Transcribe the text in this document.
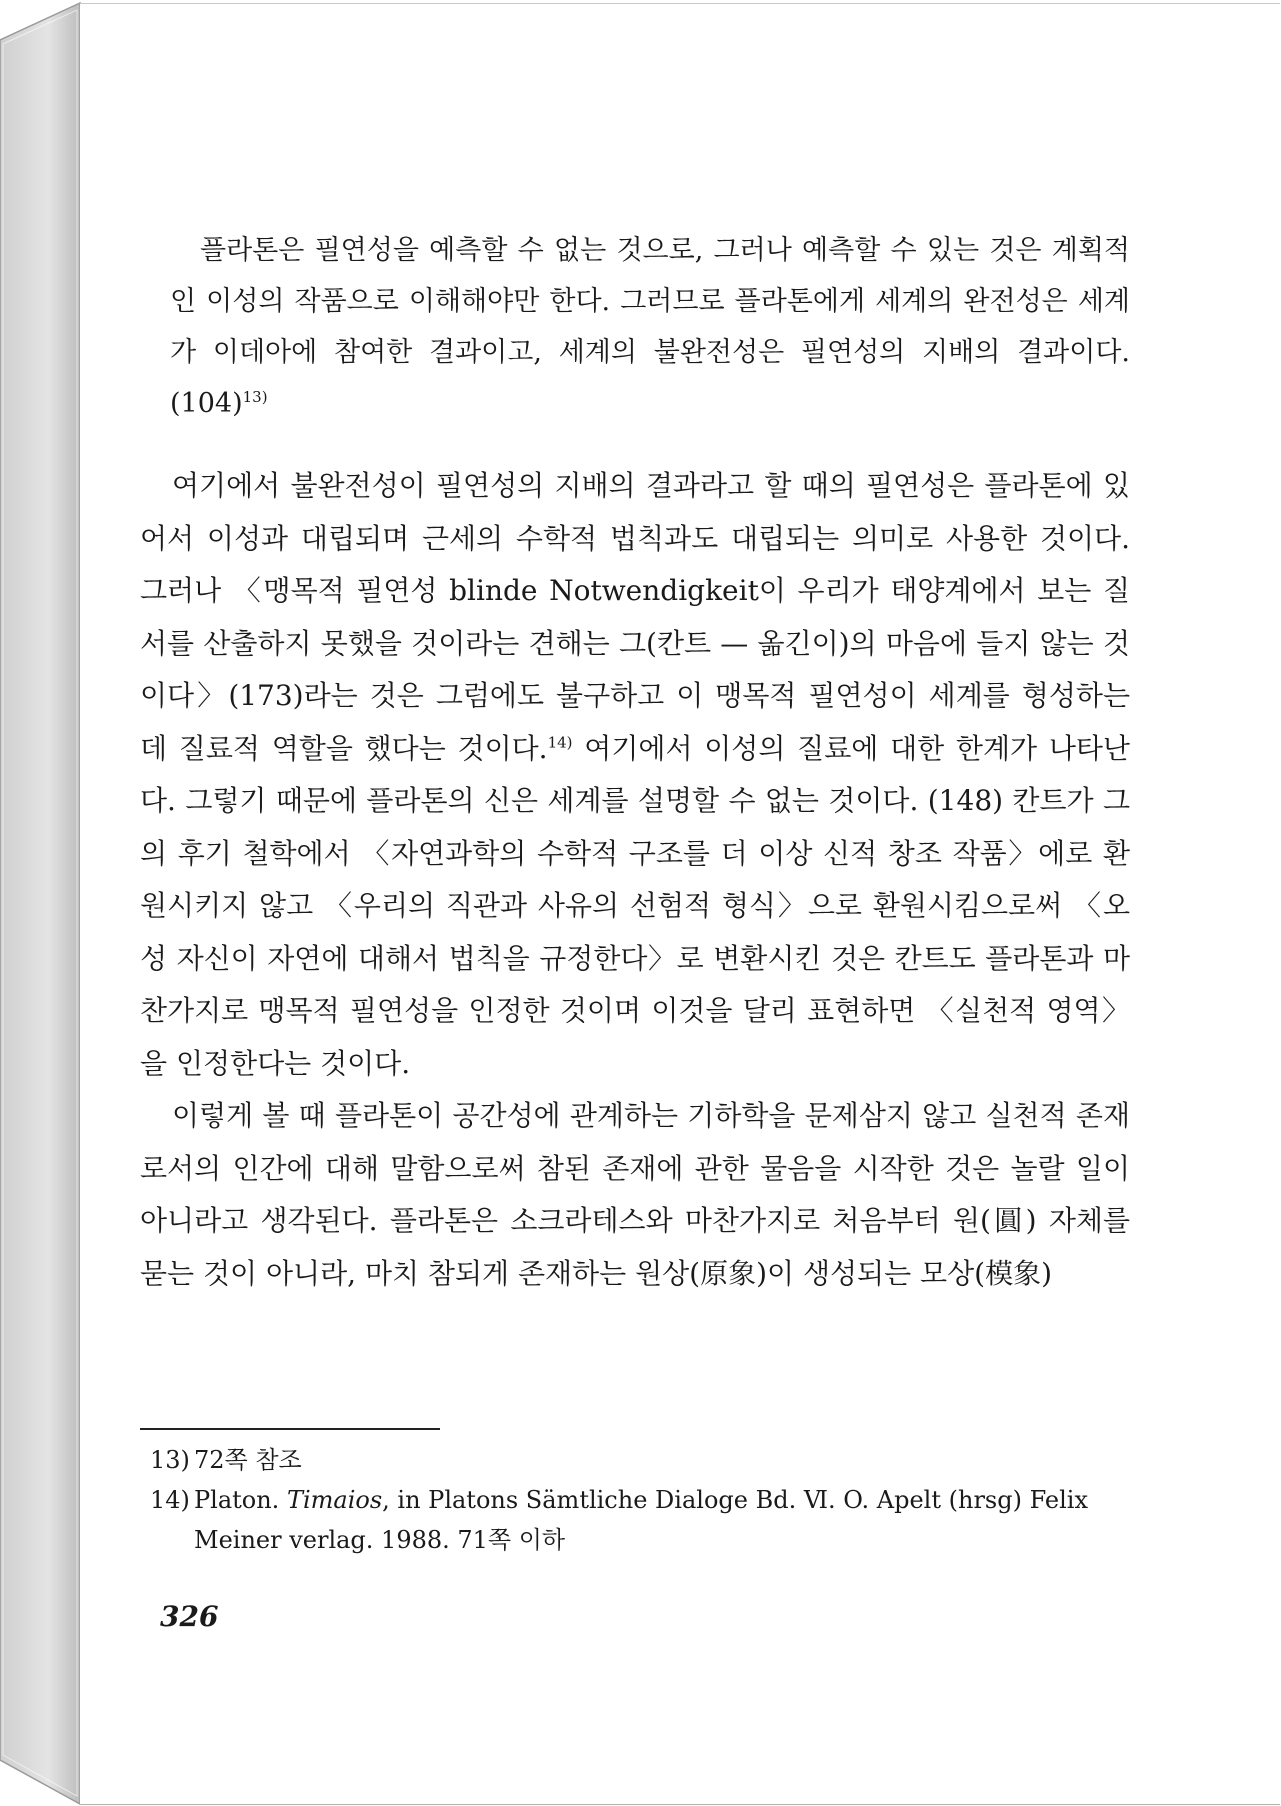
플라톤은 필연성을 예측할 수 없는 것으로, 그러나 예측할 수 있는 것은 계획적인 이성의 작품으로 이해해야만 한다. 그러므로 플라톤에게 세계의 완전성은 세계가 이데아에 참여한 결과이고, 세계의 불완전성은 필연성의 지배의 결과이다. $(104)^{13)}$

여기에서 불완전성이 필연성의 지배의 결과라고 할 때의 필연성은 플라톤에 있어서 이성과 대립되며 근세의 수학적 법칙과도 대립되는 의미로 사용한 것이다. 그러나 〈맹목적 필연성 blinde Notwendigkeit이 우리가 태양계에서 보는 질서를 산출하지 못했을 것이라는 견해는 그(칸트 — 옮긴이)의 마음에 들지 않는 것이다〉(173)라는 것은 그럼에도 불구하고 이 맹목적 필연성이 세계를 형성하는 데 질료적 역할을 했다는 것이다.$^{14)}$ 여기에서 이성의 질료에 대한 한계가 나타난다. 그렇기 때문에 플라톤의 신은 세계를 설명할 수 없는 것이다. (148) 칸트가 그의 후기 철학에서 〈자연과학의 수학적 구조를 더 이상 신적 창조 작품〉에로 환원시키지 않고 〈우리의 직관과 사유의 선험적 형식〉으로 환원시킴으로써 〈오성 자신이 자연에 대해서 법칙을 규정한다〉로 변환시킨 것은 칸트도 플라톤과 마찬가지로 맹목적 필연성을 인정한 것이며 이것을 달리 표현하면 〈실천적 영역〉을 인정한다는 것이다.

이렇게 볼 때 플라톤이 공간성에 관계하는 기하학을 문제삼지 않고 실천적 존재로서의 인간에 대해 말함으로써 참된 존재에 관한 물음을 시작한 것은 놀랄 일이 아니라고 생각된다. 플라톤은 소크라테스와 마찬가지로 처음부터 원(圓) 자체를 묻는 것이 아니라, 마치 참되게 존재하는 원상(原象)이 생성되는 모상(模象)

13) 72쪽 참조
14) Platon. Timaios, in Platons Sämtliche Dialoge Bd. Ⅵ. O. Apelt (hrsg) Felix Meiner verlag. 1988. 71쪽 이하
326
